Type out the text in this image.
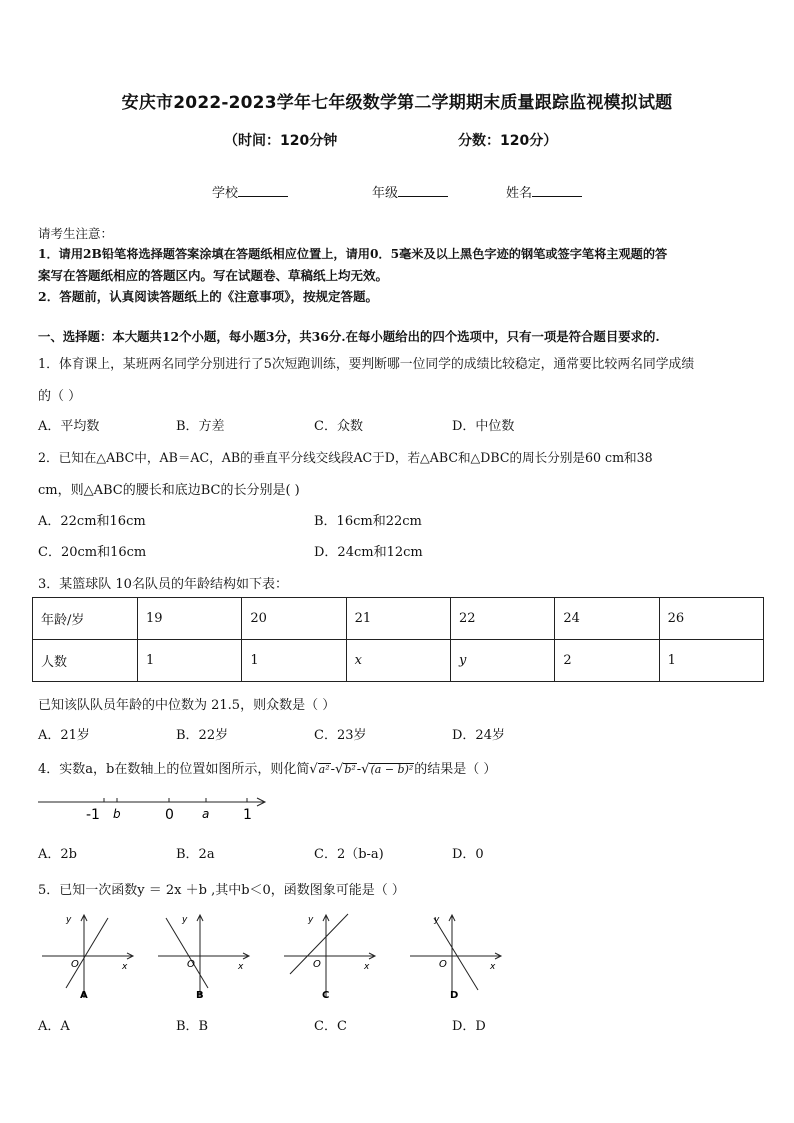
安庆市2022-2023学年七年级数学第二学期期末质量跟踪监视模拟试题
（时间：120分钟	分数：120分）
学校	年级	姓名
请考生注意：
1．请用2B铅笔将选择题答案涂填在答题纸相应位置上，请用0．5毫米及以上黑色字迹的钢笔或签字笔将主观题的答
案写在答题纸相应的答题区内。写在试题卷、草稿纸上均无效。
2．答题前，认真阅读答题纸上的《注意事项》，按规定答题。
一、选择题：本大题共12个小题，每小题3分，共36分.在每小题给出的四个选项中，只有一项是符合题目要求的.
1．体育课上，某班两名同学分别进行了5次短跑训练，要判断哪一位同学的成绩比较稳定，通常要比较两名同学成绩
的（ ）
A．平均数	B．方差	C．众数	D．中位数
2．已知在△ABC中，AB＝AC，AB的垂直平分线交线段AC于D，若△ABC和△DBC的周长分别是60 cm和38
cm，则△ABC的腰长和底边BC的长分别是( )
A．22cm和16cm	B．16cm和22cm
C．20cm和16cm	D．24cm和12cm
3．某篮球队 10名队员的年龄结构如下表：
年龄/岁	19	20	21	22	24	26
人数	1	1	x	y	2	1
已知该队队员年龄的中位数为 21.5，则众数是（ ）
A．21岁	B．22岁	C．23岁	D．24岁
4．实数a，b在数轴上的位置如图所示，则化简√a²-√b²-√(a − b)²的结果是（ ）
-1 b	0 a 1
A．2b	B．2a	C．2（b-a)	D．0
5．已知一次函数y ＝ 2x ＋b ,其中b＜0，函数图象可能是（ ）
y
x
O
A
y
x
O
B
y
x
O
C
y
x
O
D
A．A	B．B	C．C	D．D
